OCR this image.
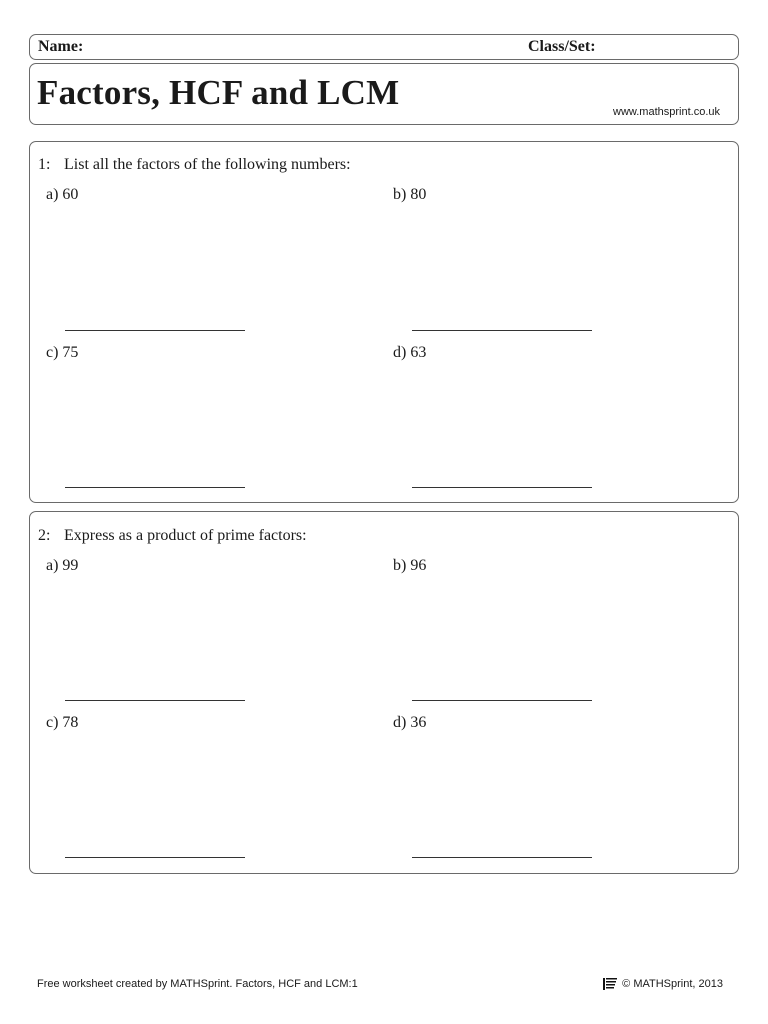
Name:	Class/Set:
Factors, HCF and LCM	www.mathsprint.co.uk
1: List all the factors of the following numbers:
a) 60	b) 80
c) 75	d) 63
2: Express as a product of prime factors:
a) 99	b) 96
c) 78	d) 36
Free worksheet created by MATHSprint. Factors, HCF and LCM:1	© MATHSprint, 2013
